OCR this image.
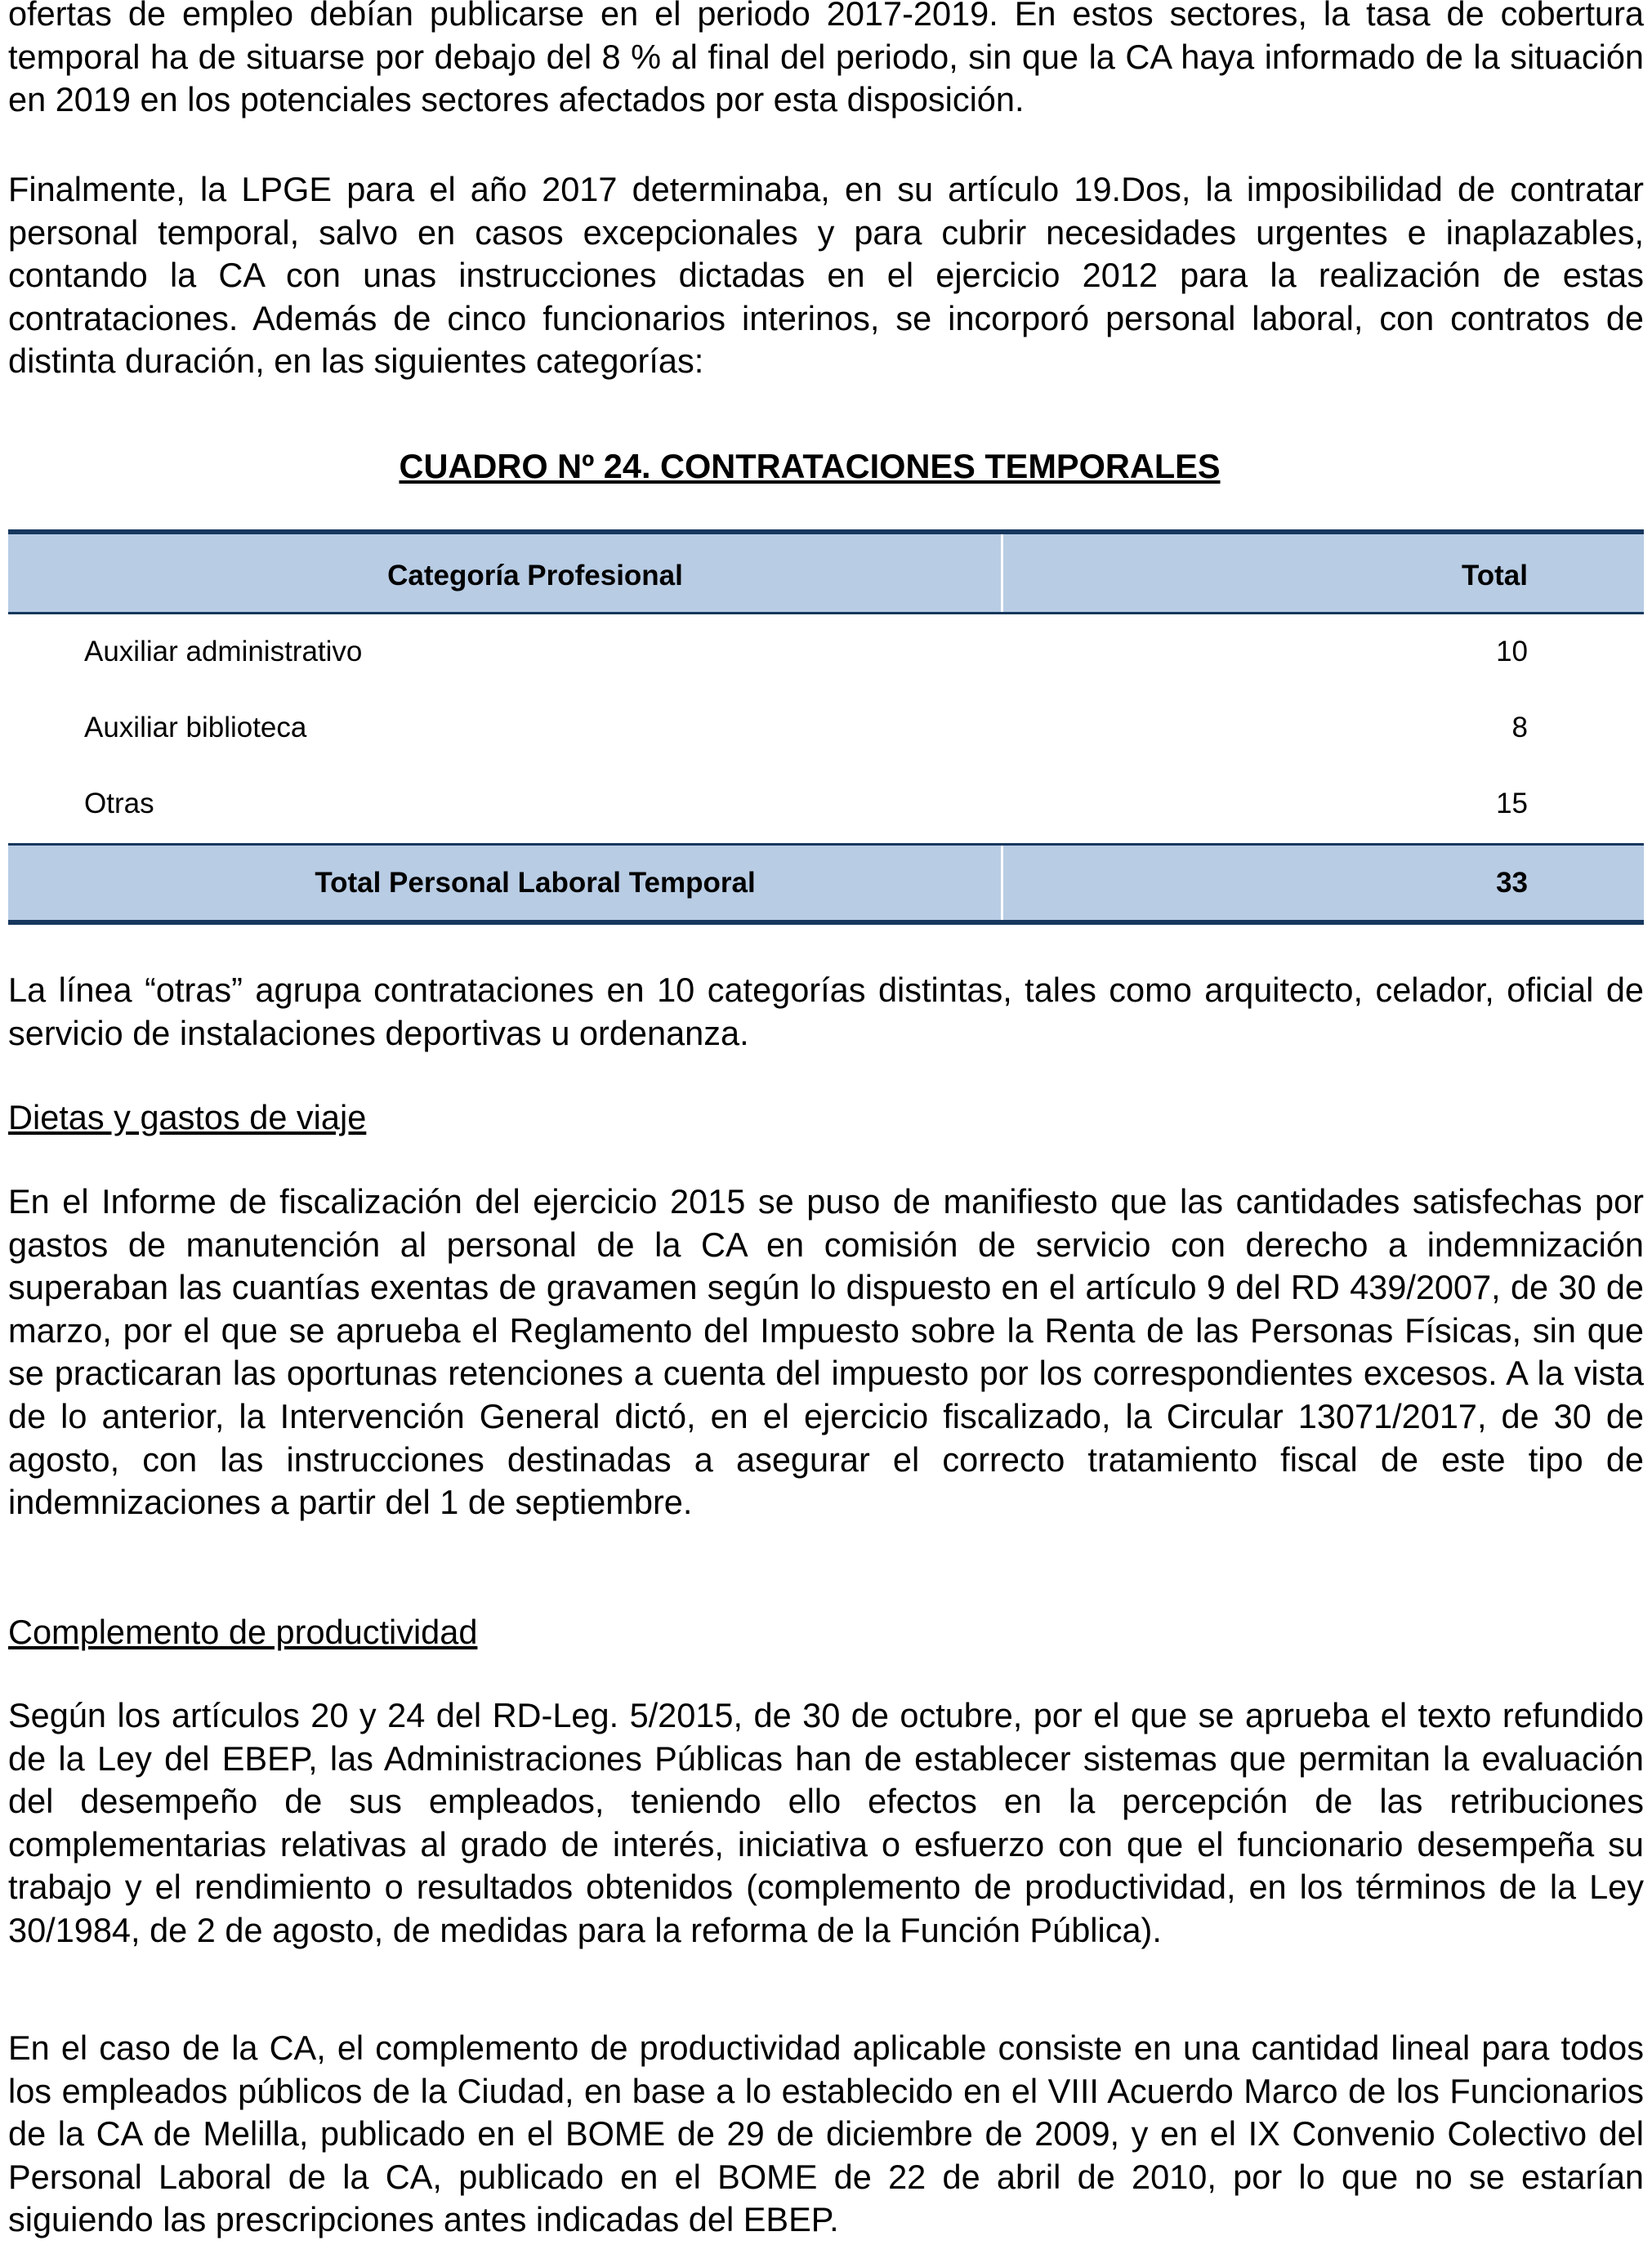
ofertas de empleo debían publicarse en el periodo 2017-2019. En estos sectores, la tasa de cobertura temporal ha de situarse por debajo del 8 % al final del periodo, sin que la CA haya informado de la situación en 2019 en los potenciales sectores afectados por esta disposición.

Finalmente, la LPGE para el año 2017 determinaba, en su artículo 19.Dos, la imposibilidad de contratar personal temporal, salvo en casos excepcionales y para cubrir necesidades urgentes e inaplazables, contando la CA con unas instrucciones dictadas en el ejercicio 2012 para la realización de estas contrataciones. Además de cinco funcionarios interinos, se incorporó personal laboral, con contratos de distinta duración, en las siguientes categorías:

CUADRO Nº 24. CONTRATACIONES TEMPORALES

Categoría Profesional	Total
Auxiliar administrativo	10
Auxiliar biblioteca	8
Otras	15
Total Personal Laboral Temporal	33

La línea “otras” agrupa contrataciones en 10 categorías distintas, tales como arquitecto, celador, oficial de servicio de instalaciones deportivas u ordenanza.

Dietas y gastos de viaje

En el Informe de fiscalización del ejercicio 2015 se puso de manifiesto que las cantidades satisfechas por gastos de manutención al personal de la CA en comisión de servicio con derecho a indemnización superaban las cuantías exentas de gravamen según lo dispuesto en el artículo 9 del RD 439/2007, de 30 de marzo, por el que se aprueba el Reglamento del Impuesto sobre la Renta de las Personas Físicas, sin que se practicaran las oportunas retenciones a cuenta del impuesto por los correspondientes excesos. A la vista de lo anterior, la Intervención General dictó, en el ejercicio fiscalizado, la Circular 13071/2017, de 30 de agosto, con las instrucciones destinadas a asegurar el correcto tratamiento fiscal de este tipo de indemnizaciones a partir del 1 de septiembre.

Complemento de productividad

Según los artículos 20 y 24 del RD-Leg. 5/2015, de 30 de octubre, por el que se aprueba el texto refundido de la Ley del EBEP, las Administraciones Públicas han de establecer sistemas que permitan la evaluación del desempeño de sus empleados, teniendo ello efectos en la percepción de las retribuciones complementarias relativas al grado de interés, iniciativa o esfuerzo con que el funcionario desempeña su trabajo y el rendimiento o resultados obtenidos (complemento de productividad, en los términos de la Ley 30/1984, de 2 de agosto, de medidas para la reforma de la Función Pública).

En el caso de la CA, el complemento de productividad aplicable consiste en una cantidad lineal para todos los empleados públicos de la Ciudad, en base a lo establecido en el VIII Acuerdo Marco de los Funcionarios de la CA de Melilla, publicado en el BOME de 29 de diciembre de 2009, y en el IX Convenio Colectivo del Personal Laboral de la CA, publicado en el BOME de 22 de abril de 2010, por lo que no se estarían siguiendo las prescripciones antes indicadas del EBEP.
